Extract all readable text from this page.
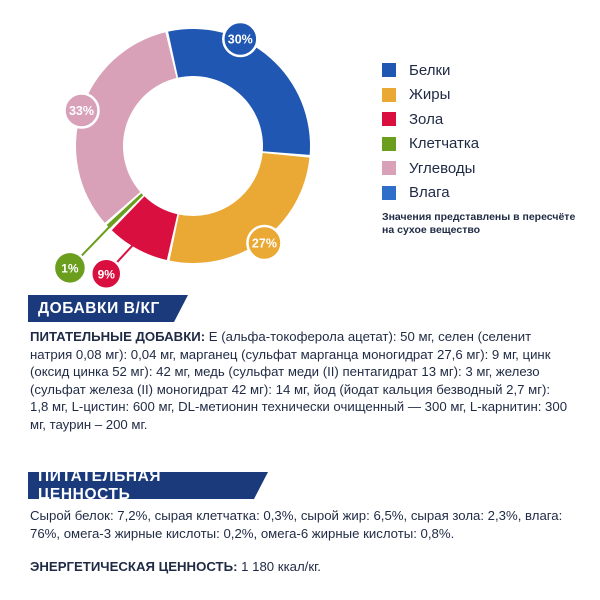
30%
27%
9%
1%
33%
Белки
Жиры
Зола
Клетчатка
Углеводы
Влага
Значения представлены в пересчёте на сухое вещество
ДОБАВКИ В/КГ
ПИТАТЕЛЬНЫЕ ДОБАВКИ: Е (альфа-токоферола ацетат): 50 мг, селен (селенит натрия 0,08 мг): 0,04 мг, марганец (сульфат марганца моногидрат 27,6 мг): 9 мг, цинк (оксид цинка 52 мг): 42 мг, медь (сульфат меди (II) пентагидрат 13 мг): 3 мг, железо (сульфат железа (II) моногидрат 42 мг): 14 мг, йод (йодат кальция безводный 2,7 мг): 1,8 мг, L-цистин: 600 мг, DL-метионин технически очищенный — 300 мг, L-карнитин: 300 мг, таурин – 200 мг.
ПИТАТЕЛЬНАЯ ЦЕННОСТЬ
Сырой белок: 7,2%, сырая клетчатка: 0,3%, сырой жир: 6,5%, сырая зола: 2,3%, влага: 76%, омега-3 жирные кислоты: 0,2%, омега-6 жирные кислоты: 0,8%.
ЭНЕРГЕТИЧЕСКАЯ ЦЕННОСТЬ: 1 180 ккал/кг.
